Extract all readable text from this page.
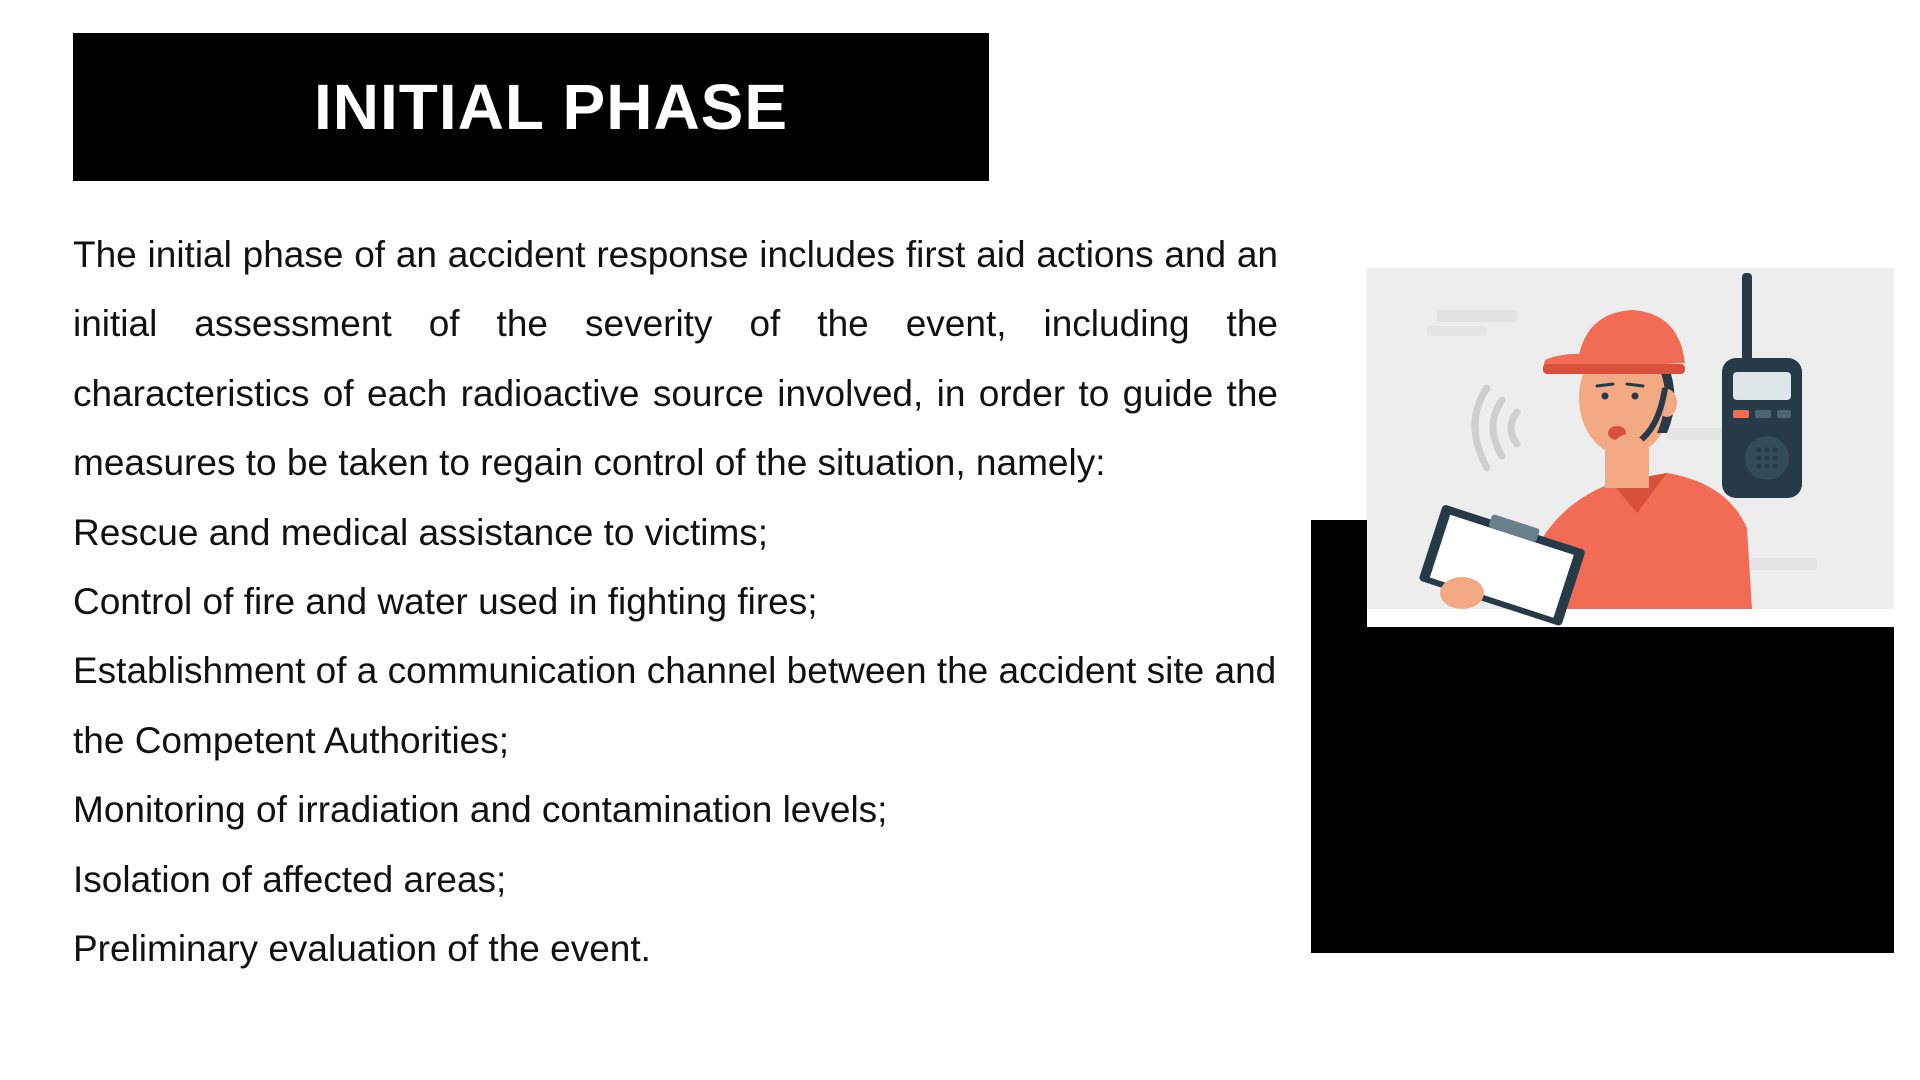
INITIAL PHASE

The initial phase of an accident response includes first aid actions and an initial assessment of the severity of the event, including the characteristics of each radioactive source involved, in order to guide the measures to be taken to regain control of the situation, namely:

Rescue and medical assistance to victims;
Control of fire and water used in fighting fires;
Establishment of a communication channel between the accident site and the Competent Authorities;
Monitoring of irradiation and contamination levels;
Isolation of affected areas;
Preliminary evaluation of the event.
